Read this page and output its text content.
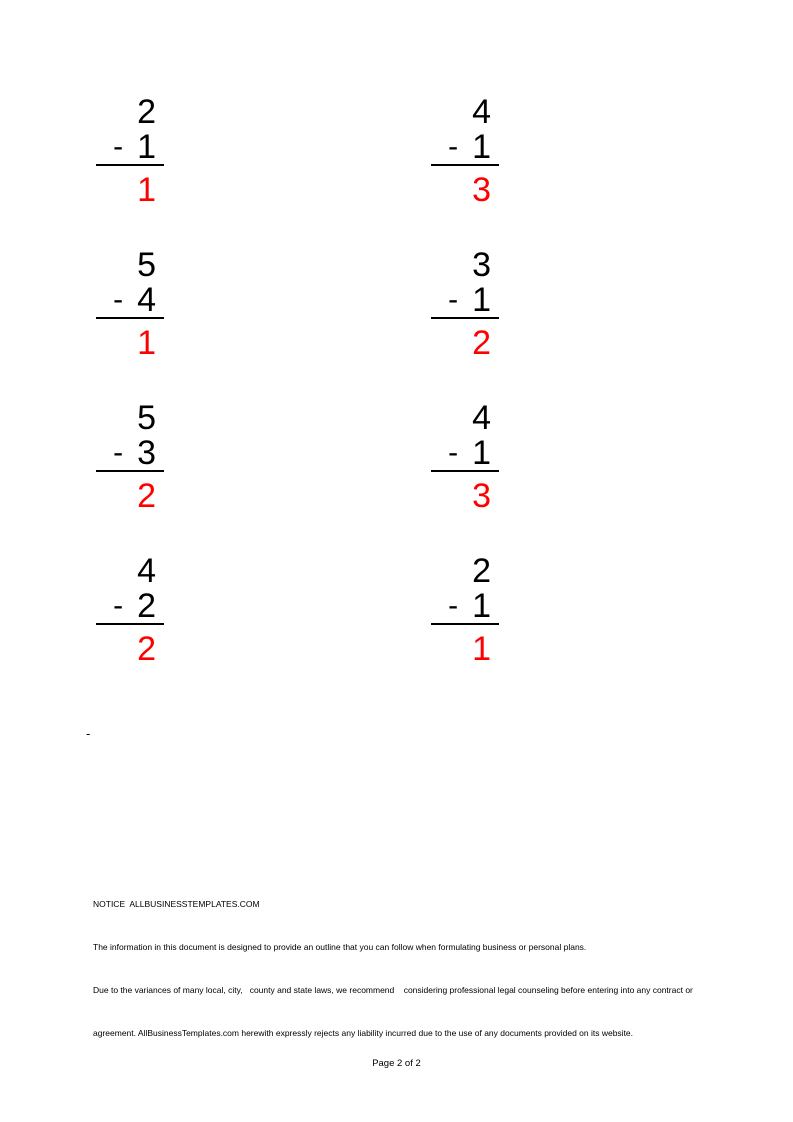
2
- 1
1
4
- 1
3
5
- 4
1
3
- 1
2
5
- 3
2
4
- 1
3
4
- 2
2
2
- 1
1
-

NOTICE  ALLBUSINESSTEMPLATES.COM

The information in this document is designed to provide an outline that you can follow when formulating business or personal plans.

Due to the variances of many local, city,   county and state laws, we recommend    considering professional legal counseling before entering into any contract or

agreement. AllBusinessTemplates.com herewith expressly rejects any liability incurred due to the use of any documents provided on its website.

Page 2 of 2
